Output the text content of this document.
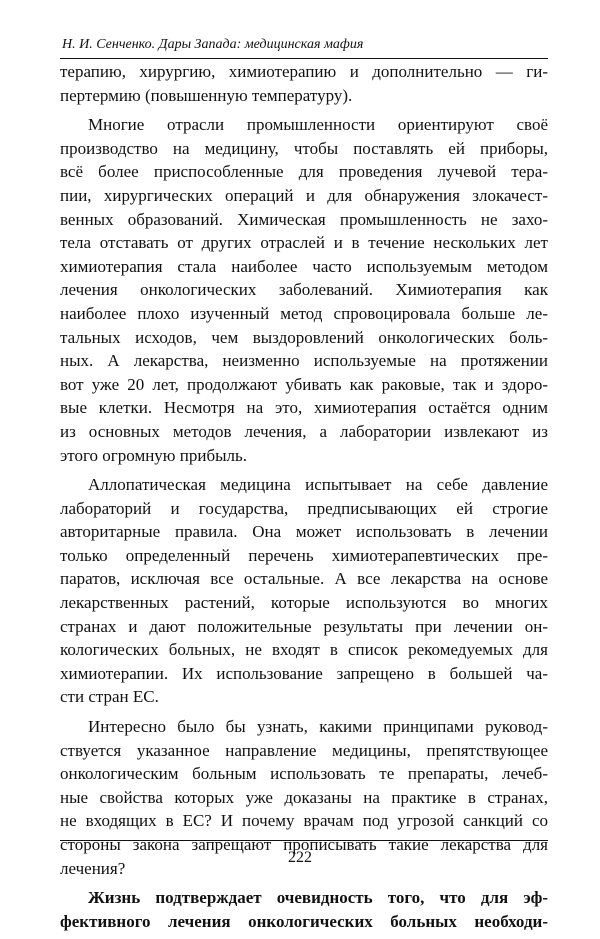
Н. И. Сенченко. Дары Запада: медицинская мафия
терапию, хирургию, химиотерапию и дополнительно — ги-
пертермию (повышенную температуру).
Многие отрасли промышленности ориентируют своё
производство на медицину, чтобы поставлять ей приборы,
всё более приспособленные для проведения лучевой тера-
пии, хирургических операций и для обнаружения злокачест-
венных образований. Химическая промышленность не захо-
тела отставать от других отраслей и в течение нескольких лет
химиотерапия стала наиболее часто используемым методом
лечения онкологических заболеваний. Химиотерапия как
наиболее плохо изученный метод спровоцировала больше ле-
тальных исходов, чем выздоровлений онкологических боль-
ных. А лекарства, неизменно используемые на протяжении
вот уже 20 лет, продолжают убивать как раковые, так и здоро-
вые клетки. Несмотря на это, химиотерапия остаётся одним
из основных методов лечения, а лаборатории извлекают из
этого огромную прибыль.
Аллопатическая медицина испытывает на себе давление
лабораторий и государства, предписывающих ей строгие
авторитарные правила. Она может использовать в лечении
только определенный перечень химиотерапевтических пре-
паратов, исключая все остальные. А все лекарства на основе
лекарственных растений, которые используются во многих
странах и дают положительные результаты при лечении он-
кологических больных, не входят в список рекомедуемых для
химиотерапии. Их использование запрещено в большей ча-
сти стран ЕС.
Интересно было бы узнать, какими принципами руковод-
ствуется указанное направление медицины, препятствующее
онкологическим больным использовать те препараты, лечеб-
ные свойства которых уже доказаны на практике в странах,
не входящих в ЕС? И почему врачам под угрозой санкций со
стороны закона запрещают прописывать такие лекарства для
лечения?
Жизнь подтверждает очевидность того, что для эф-
фективного лечения онкологических больных необходи-
222
